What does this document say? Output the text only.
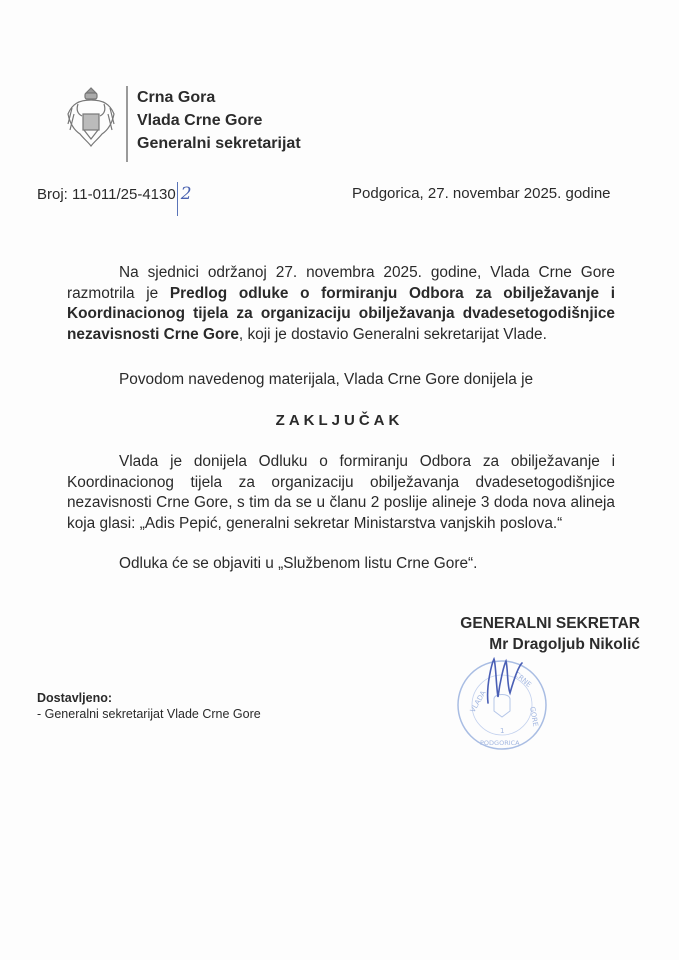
Crna Gora
Vlada Crne Gore
Generalni sekretarijat
Broj: 11-011/25-4130 2	Podgorica, 27. novembar 2025. godine
Na sjednici održanoj 27. novembra 2025. godine, Vlada Crne Gore razmotrila je Predlog odluke o formiranju Odbora za obilježavanje i Koordinacionog tijela za organizaciju obilježavanja dvadesetogodišnjice nezavisnosti Crne Gore, koji je dostavio Generalni sekretarijat Vlade.
Povodom navedenog materijala, Vlada Crne Gore donijela je
ZAKLJUČAK
Vlada je donijela Odluku o formiranju Odbora za obilježavanje i Koordinacionog tijela za organizaciju obilježavanja dvadesetogodišnjice nezavisnosti Crne Gore, s tim da se u članu 2 poslije alineje 3 doda nova alineja koja glasi: „Adis Pepić, generalni sekretar Ministarstva vanjskih poslova.“
Odluka će se objaviti u „Službenom listu Crne Gore“.
GENERALNI SEKRETAR
Mr Dragoljub Nikolić
VLADA
CRNE
GORE
PODGORICA
1
Dostavljeno:
- Generalni sekretarijat Vlade Crne Gore
